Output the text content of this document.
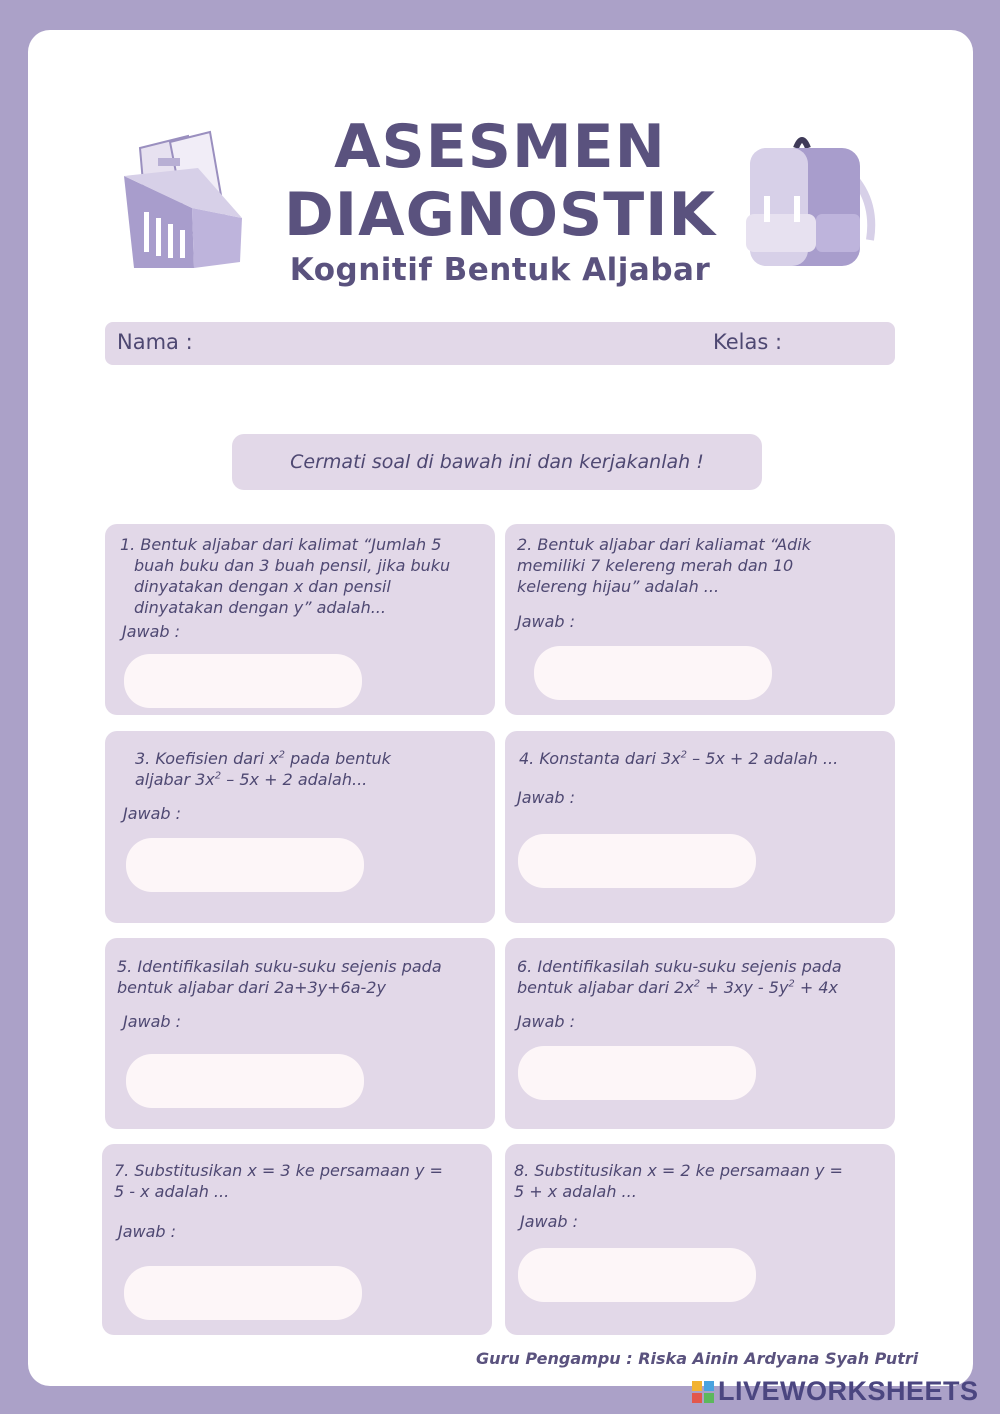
ASESMEN
DIAGNOSTIK
Kognitif Bentuk Aljabar
Nama :	Kelas :
Cermati soal di bawah ini dan kerjakanlah !
1. Bentuk aljabar dari kalimat “Jumlah 5
buah buku dan 3 buah pensil, jika buku
dinyatakan dengan x dan pensil
dinyatakan dengan y” adalah...
Jawab :
2. Bentuk aljabar dari kaliamat “Adik
memiliki 7 kelereng merah dan 10
kelereng hijau” adalah ...
Jawab :
3. Koefisien dari $x^2$ pada bentuk
aljabar $3x^2 - 5x + 2$ adalah...
Jawab :
4. Konstanta dari $3x^2 - 5x + 2$ adalah ...
Jawab :
5. Identifikasilah suku-suku sejenis pada
bentuk aljabar dari 2a+3y+6a-2y
Jawab :
6. Identifikasilah suku-suku sejenis pada
bentuk aljabar dari $2x^2 + 3xy - 5y^2 + 4x$
Jawab :
7. Substitusikan x = 3 ke persamaan y =
5 - x adalah ...
Jawab :
8. Substitusikan x = 2 ke persamaan y =
5 + x adalah ...
Jawab :
Guru Pengampu : Riska Ainin Ardyana Syah Putri
LIVEWORKSHEETS
